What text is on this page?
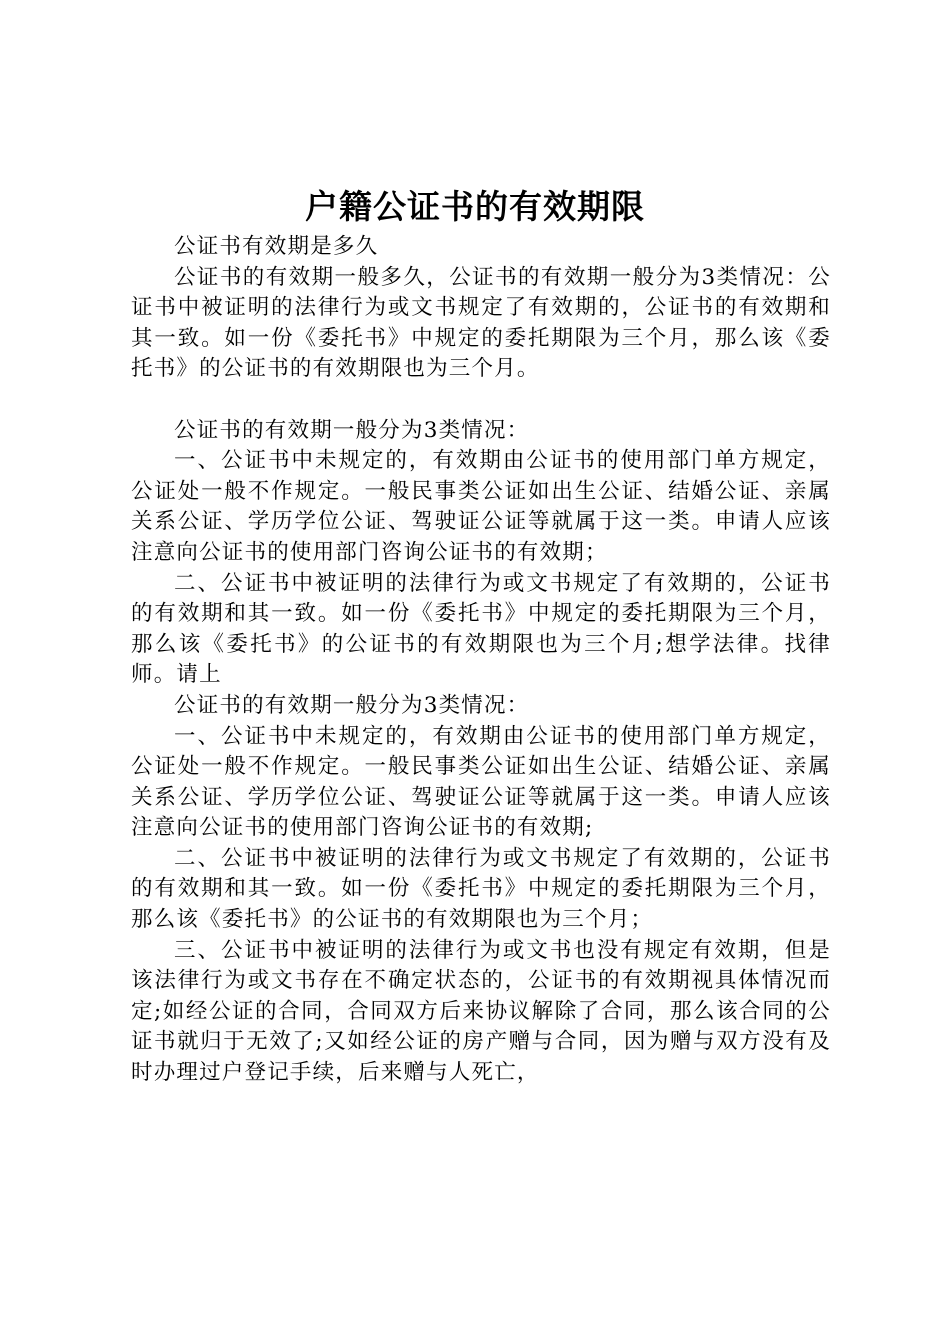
户籍公证书的有效期限

公证书有效期是多久

公证书的有效期一般多久，公证书的有效期一般分为3类情况：公证书中被证明的法律行为或文书规定了有效期的，公证书的有效期和其一致。如一份《委托书》中规定的委托期限为三个月，那么该《委托书》的公证书的有效期限也为三个月。

公证书的有效期一般分为3类情况：

一、公证书中未规定的，有效期由公证书的使用部门单方规定，公证处一般不作规定。一般民事类公证如出生公证、结婚公证、亲属关系公证、学历学位公证、驾驶证公证等就属于这一类。申请人应该注意向公证书的使用部门咨询公证书的有效期；

二、公证书中被证明的法律行为或文书规定了有效期的，公证书的有效期和其一致。如一份《委托书》中规定的委托期限为三个月，那么该《委托书》的公证书的有效期限也为三个月;想学法律。找律师。请上

公证书的有效期一般分为3类情况：

一、公证书中未规定的，有效期由公证书的使用部门单方规定，公证处一般不作规定。一般民事类公证如出生公证、结婚公证、亲属关系公证、学历学位公证、驾驶证公证等就属于这一类。申请人应该注意向公证书的使用部门咨询公证书的有效期;

二、公证书中被证明的法律行为或文书规定了有效期的，公证书的有效期和其一致。如一份《委托书》中规定的委托期限为三个月，那么该《委托书》的公证书的有效期限也为三个月；

三、公证书中被证明的法律行为或文书也没有规定有效期，但是该法律行为或文书存在不确定状态的，公证书的有效期视具体情况而定;如经公证的合同，合同双方后来协议解除了合同，那么该合同的公证书就归于无效了;又如经公证的房产赠与合同，因为赠与双方没有及时办理过户登记手续，后来赠与人死亡，
